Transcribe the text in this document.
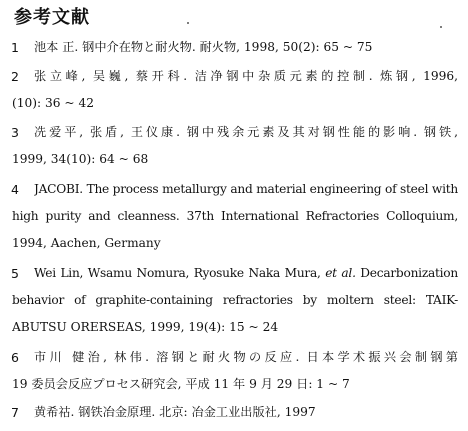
参考文献
1	池本 正. 钢中介在物と耐火物. 耐火物, 1998, 50(2): 65 ~ 75
2	张立峰, 吴巍, 蔡开科. 洁净钢中杂质元素的控制. 炼钢, 1996,
(10): 36 ~ 42
3	冼爱平, 张盾, 王仪康. 钢中残余元素及其对钢性能的影响. 钢铁,
1999, 34(10): 64 ~ 68
4	JACOBI. The process metallurgy and material engineering of steel with
high purity and cleanness. 37th International Refractories Colloquium,
1994, Aachen, Germany
5	Wei Lin, Wsamu Nomura, Ryosuke Naka Mura, et al. Decarbonization
behavior of graphite-containing refractories by moltern steel: TAIK-
ABUTSU ORERSEAS, 1999, 19(4): 15 ~ 24
6	市川 健治, 林伟. 溶钢と耐火物の反应. 日本学术振兴会制钢第
19 委员会反应プロセス研究会, 平成 11 年 9 月 29 日: 1 ~ 7
7	黄希祜. 钢铁冶金原理. 北京: 冶金工业出版社, 1997
